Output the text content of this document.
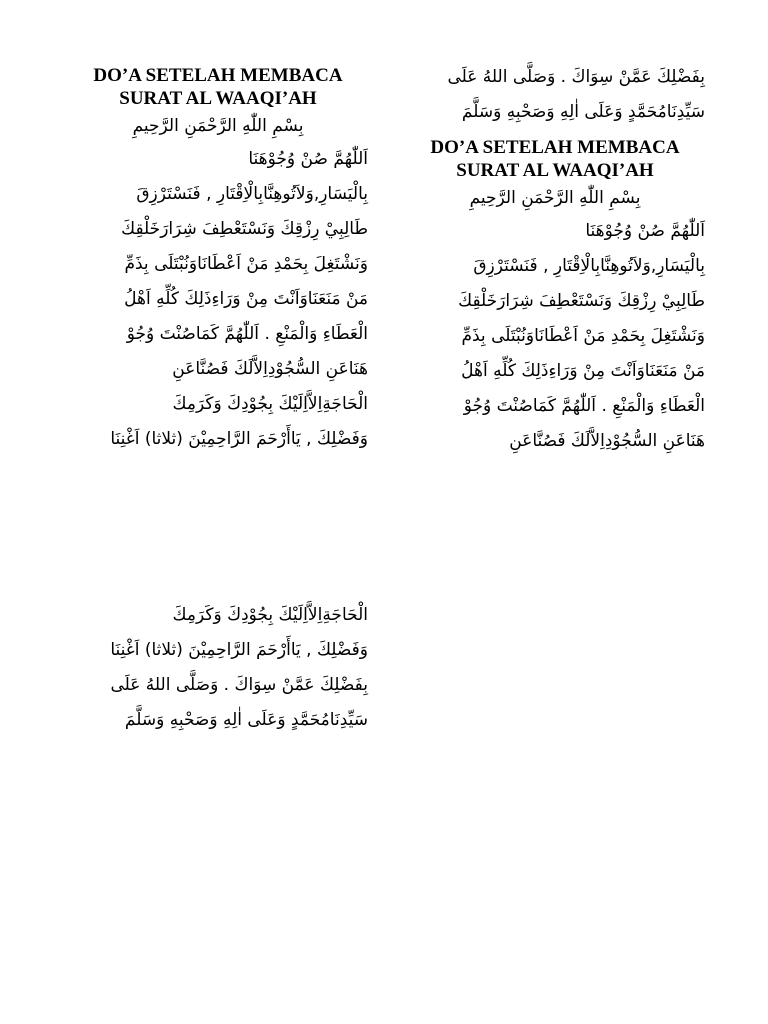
DO’A SETELAH MEMBACA
SURAT AL WAAQI’AH
بِسْمِ اللّٰهِ الرَّحْمَنِ الرَّحِيمِ
اَللّٰهُمَّ صُنْ وُجُوْهَنَا
بِالْيَسَارِ,وَلاَتُوهِنَّابِالْاِقْتَارِ , فَنَسْتَرْزِقَ
طَالِبِيْ رِزْقِكَ وَنَسْتَعْطِفَ شِرَارَخَلْقِكَ
وَنَشْتَغِلَ بِحَمْدِ مَنْ اَعْطَانَاوَنُبْتَلَى بِذَمِّ
مَنْ مَنَعَنَاوَاَنْتَ مِنْ وَرَاءِذَلِكَ كُلِّهِ اَهْلُ
الْعَطَاءِ وَالْمَنْعِ . اَللّٰهُمَّ كَمَاصُنْتَ وُجُوْ
هَنَاعَنِ السُّجُوْدِاِلاَّلَكَ فَصُنَّاعَنِ
الْحَاجَةِاِلاَّاِلَيْكَ بِجُوْدِكَ وَكَرَمِكَ
وَفَضْلِكَ , يَاأَرْحَمَ الرَّاحِمِيْنَ (ثلاثا) اَغْنِنَا
بِفَضْلِكَ عَمَّنْ سِوَاكَ . وَصَلَّى اللهُ عَلَى
سَيِّدِنَامُحَمَّدٍ وَعَلَى اٰلِهِ وَصَحْبِهِ وَسَلَّمَ
DO’A SETELAH MEMBACA
SURAT AL WAAQI’AH
بِسْمِ اللّٰهِ الرَّحْمَنِ الرَّحِيمِ
اَللّٰهُمَّ صُنْ وُجُوْهَنَا
بِالْيَسَارِ,وَلاَتُوهِنَّابِالْاِقْتَارِ , فَنَسْتَرْزِقَ
طَالِبِيْ رِزْقِكَ وَنَسْتَعْطِفَ شِرَارَخَلْقِكَ
وَنَشْتَغِلَ بِحَمْدِ مَنْ اَعْطَانَاوَنُبْتَلَى بِذَمِّ
مَنْ مَنَعَنَاوَاَنْتَ مِنْ وَرَاءِذَلِكَ كُلِّهِ اَهْلُ
الْعَطَاءِ وَالْمَنْعِ . اَللّٰهُمَّ كَمَاصُنْتَ وُجُوْ
هَنَاعَنِ السُّجُوْدِاِلاَّلَكَ فَصُنَّاعَنِ
الْحَاجَةِاِلاَّاِلَيْكَ بِجُوْدِكَ وَكَرَمِكَ
وَفَضْلِكَ , يَاأَرْحَمَ الرَّاحِمِيْنَ (ثلاثا) اَغْنِنَا
بِفَضْلِكَ عَمَّنْ سِوَاكَ . وَصَلَّى اللهُ عَلَى
سَيِّدِنَامُحَمَّدٍ وَعَلَى اٰلِهِ وَصَحْبِهِ وَسَلَّمَ
